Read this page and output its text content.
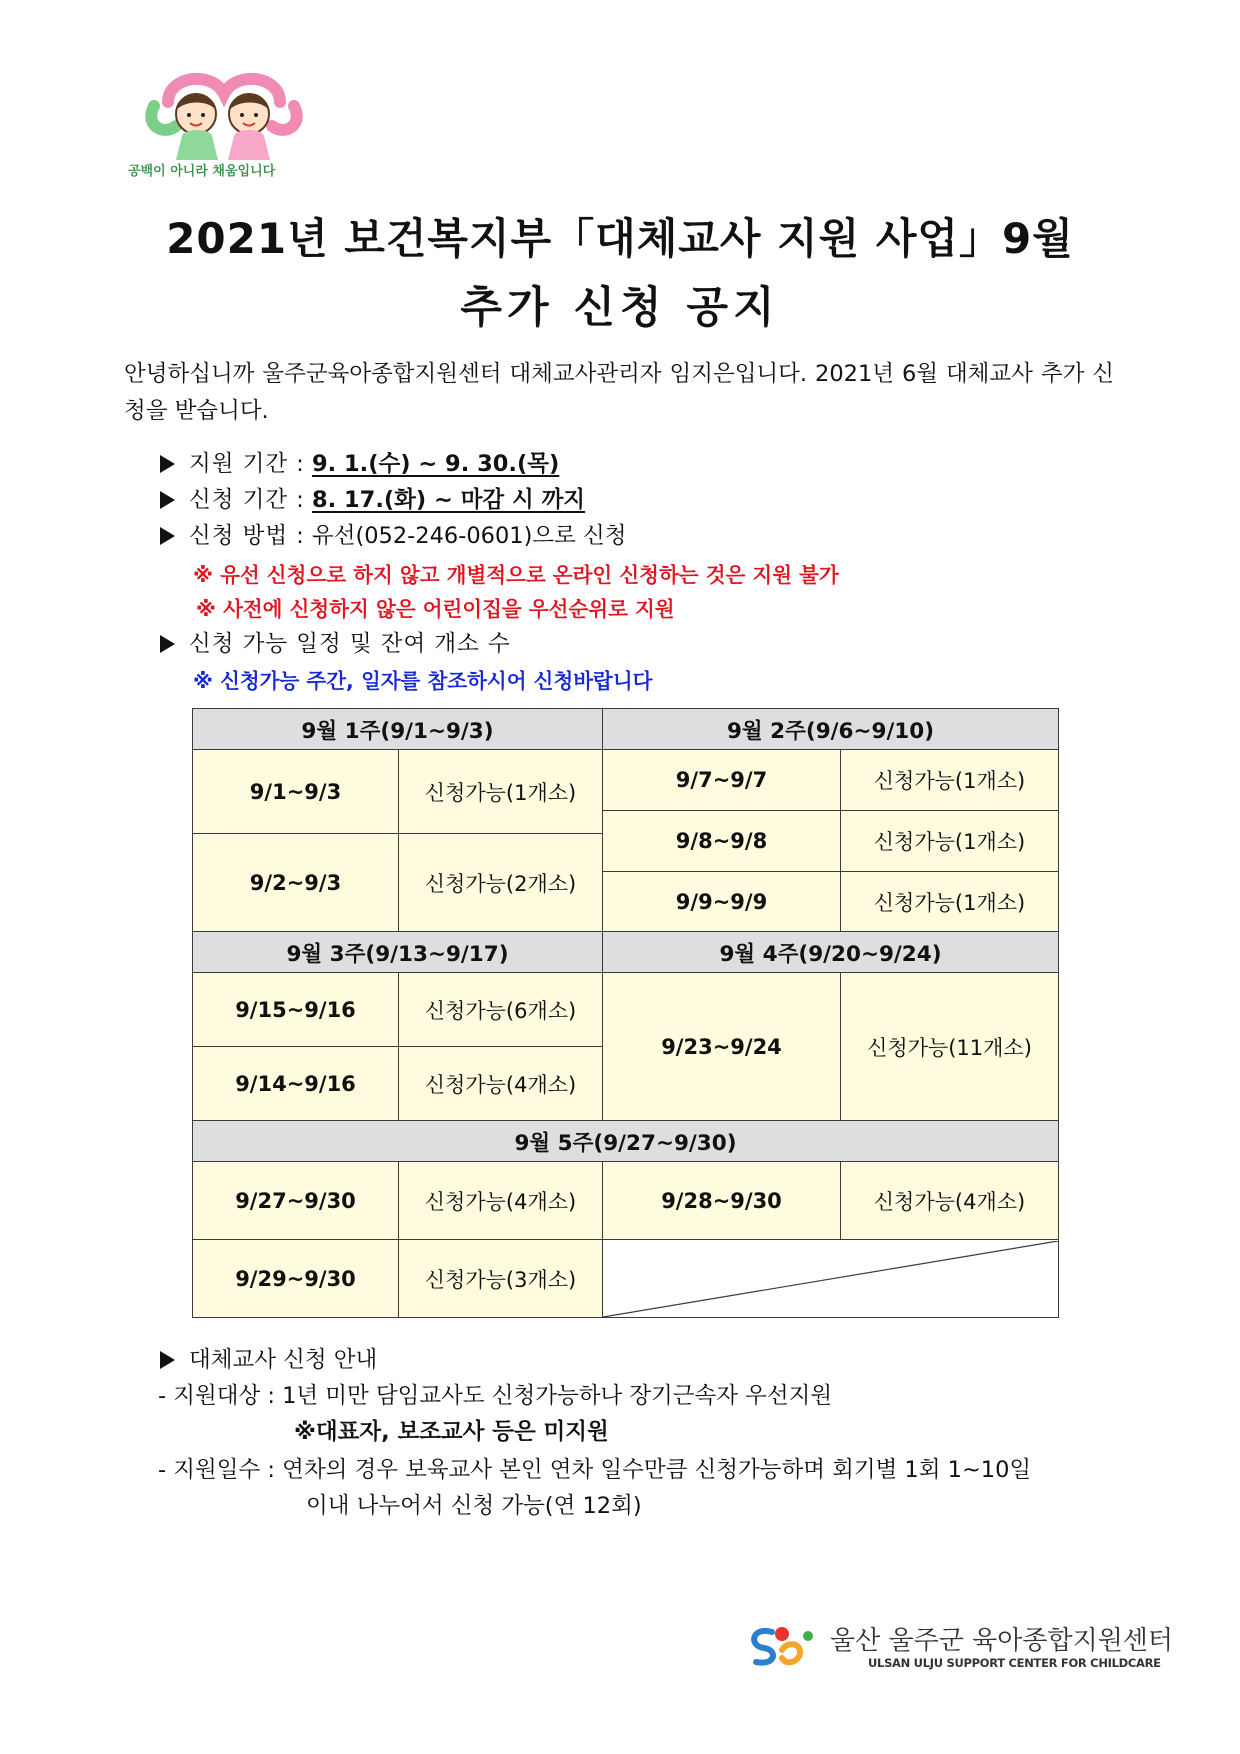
공백이 아니라 채움입니다
2021년 보건복지부「대체교사 지원 사업」9월
추가 신청 공지

안녕하십니까 울주군육아종합지원센터 대체교사관리자 임지은입니다. 2021년 6월 대체교사 추가 신청을 받습니다.

지원 기간 : 9. 1.(수) ~ 9. 30.(목)

신청 기간 : 8. 17.(화) ~ 마감 시 까지

신청 방법 : 유선(052-246-0601)으로 신청

※ 유선 신청으로 하지 않고 개별적으로 온라인 신청하는 것은 지원 불가

※ 사전에 신청하지 않은 어린이집을 우선순위로 지원

신청 가능 일정 및 잔여 개소 수

※ 신청가능 주간, 일자를 참조하시어 신청바랍니다

9월 1주(9/1~9/3)		9월 2주(9/6~9/10)	
9/1~9/3	신청가능(1개소)	9/7~9/7	신청가능(1개소)
		9/8~9/8	신청가능(1개소)
9/2~9/3	신청가능(2개소)		
		9/9~9/9	신청가능(1개소)
9월 3주(9/13~9/17)		9월 4주(9/20~9/24)	
9/15~9/16	신청가능(6개소)	9/23~9/24	신청가능(11개소)
9/14~9/16	신청가능(4개소)		
9월 5주(9/27~9/30)			
9/27~9/30	신청가능(4개소)	9/28~9/30	신청가능(4개소)
9/29~9/30	신청가능(3개소)	

대체교사 신청 안내

- 지원대상 : 1년 미만 담임교사도 신청가능하나 장기근속자 우선지원

※대표자, 보조교사 등은 미지원

- 지원일수 : 연차의 경우 보육교사 본인 연차 일수만큼 신청가능하며 회기별 1회 1~10일

이내 나누어서 신청 가능(연 12회)

울산 울주군 육아종합지원센터
ULSAN ULJU SUPPORT CENTER FOR CHILDCARE
